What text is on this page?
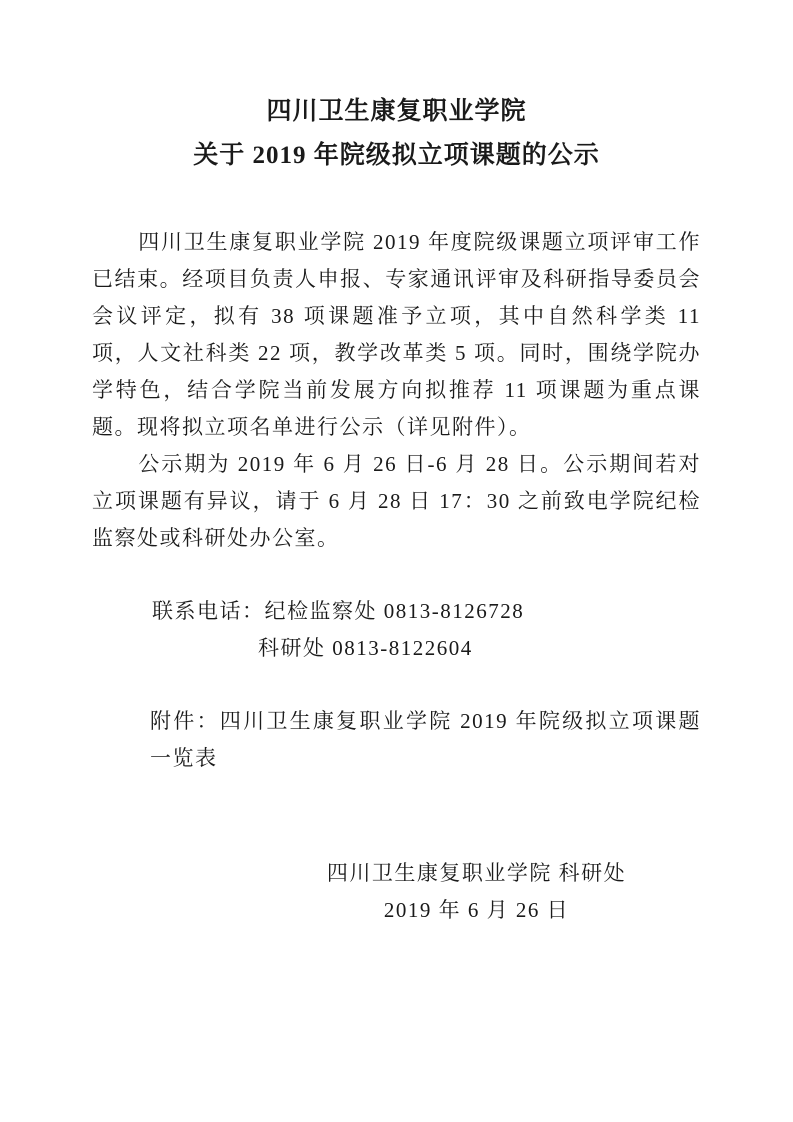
四川卫生康复职业学院
关于 2019 年院级拟立项课题的公示

四川卫生康复职业学院 2019 年度院级课题立项评审工作已结束。经项目负责人申报、专家通讯评审及科研指导委员会会议评定，拟有 38 项课题准予立项，其中自然科学类 11 项，人文社科类 22 项，教学改革类 5 项。同时，围绕学院办学特色，结合学院当前发展方向拟推荐 11 项课题为重点课题。现将拟立项名单进行公示（详见附件）。

公示期为 2019 年 6 月 26 日-6 月 28 日。公示期间若对立项课题有异议，请于 6 月 28 日 17：30 之前致电学院纪检监察处或科研处办公室。

联系电话：纪检监察处 0813-8126728
科研处 0813-8122604
附件：四川卫生康复职业学院 2019 年院级拟立项课题一览表
四川卫生康复职业学院 科研处
2019 年 6 月 26 日
